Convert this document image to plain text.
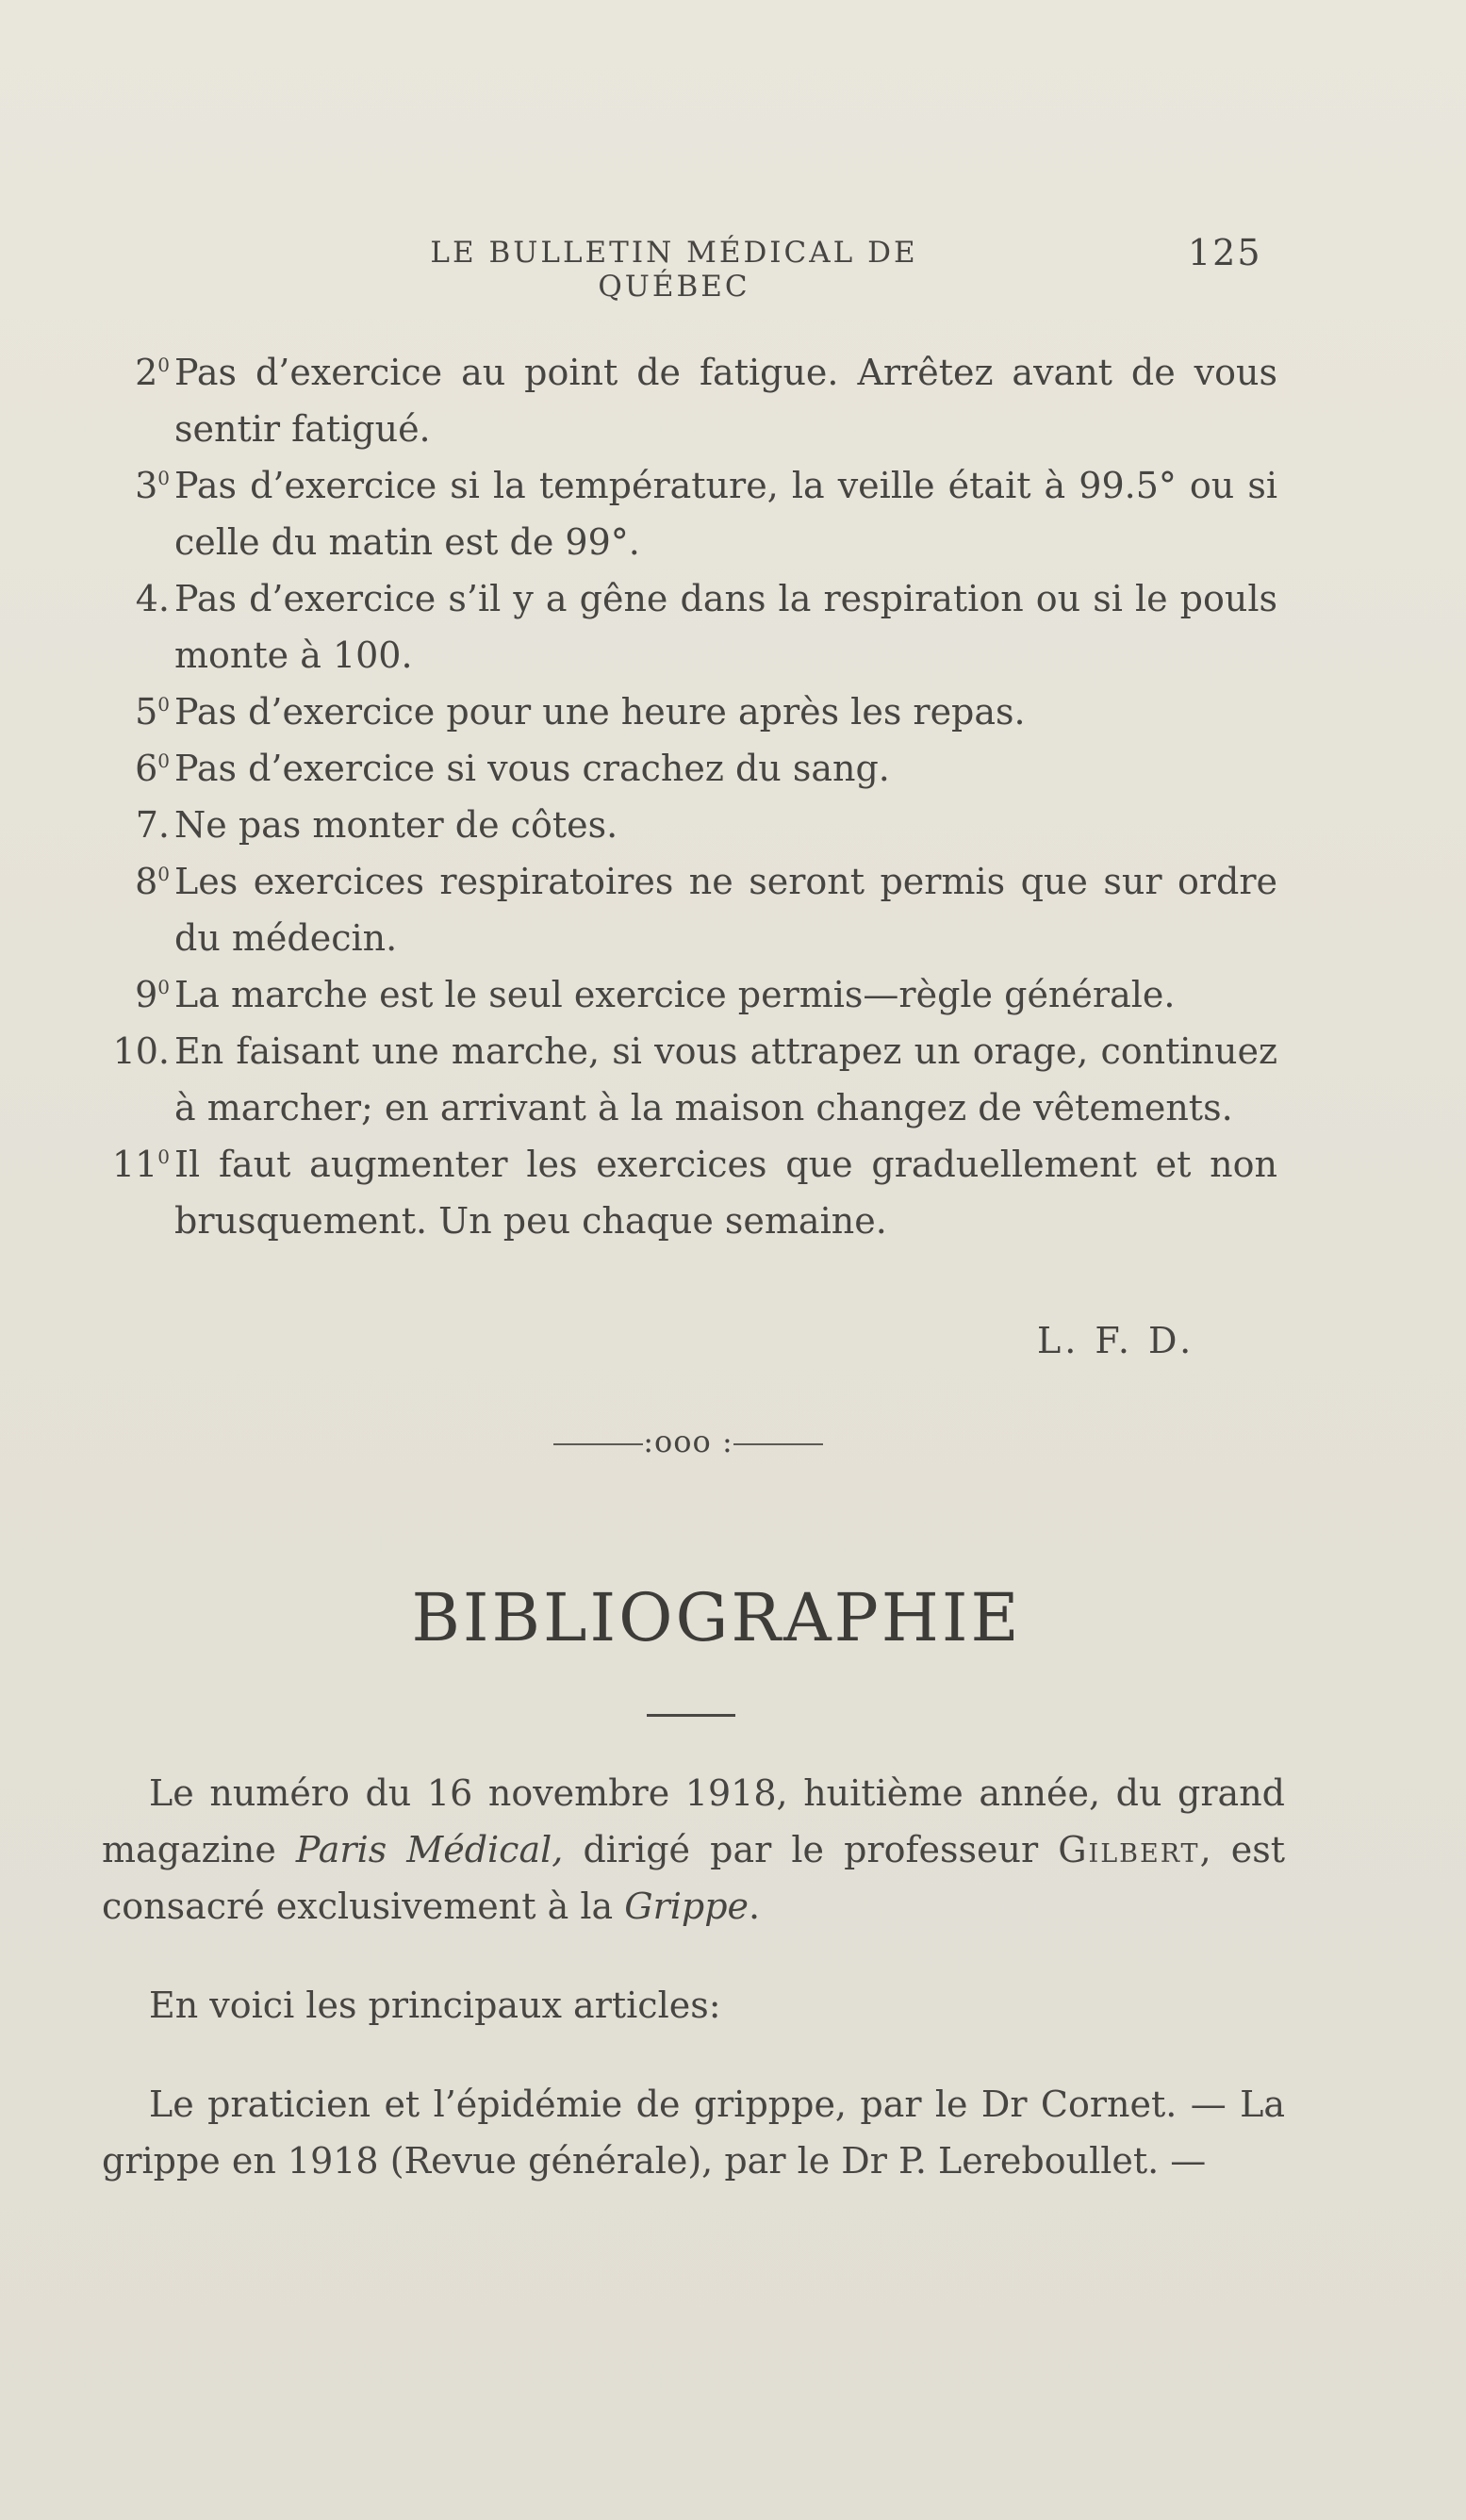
LE BULLETIN MÉDICAL DE QUÉBEC
125
$2^0$ Pas d’exercice au point de fatigue. Arrêtez avant de vous sentir fatigué.
$3^0$ Pas d’exercice si la température, la veille était à 99.5° ou si celle du matin est de 99°.
4. Pas d’exercice s’il y a gêne dans la respiration ou si le pouls monte à 100.
$5^0$ Pas d’exercice pour une heure après les repas.
$6^0$ Pas d’exercice si vous crachez du sang.
7. Ne pas monter de côtes.
$8^0$ Les exercices respiratoires ne seront permis que sur ordre du médecin.
$9^0$ La marche est le seul exercice permis—règle générale.
10. En faisant une marche, si vous attrapez un orage, continuez à marcher; en arrivant à la maison changez de vêtements.
$11^0$ Il faut augmenter les exercices que graduellement et non brusquement. Un peu chaque semaine.
L. F. D.
:ooo :
BIBLIOGRAPHIE

Le numéro du 16 novembre 1918, huitième année, du grand magazine Paris Médical, dirigé par le professeur Gilbert, est consacré exclusivement à la Grippe.

En voici les principaux articles:

Le praticien et l’épidémie de gripppe, par le Dr Cornet. — La grippe en 1918 (Revue générale), par le Dr P. Lereboullet. —
